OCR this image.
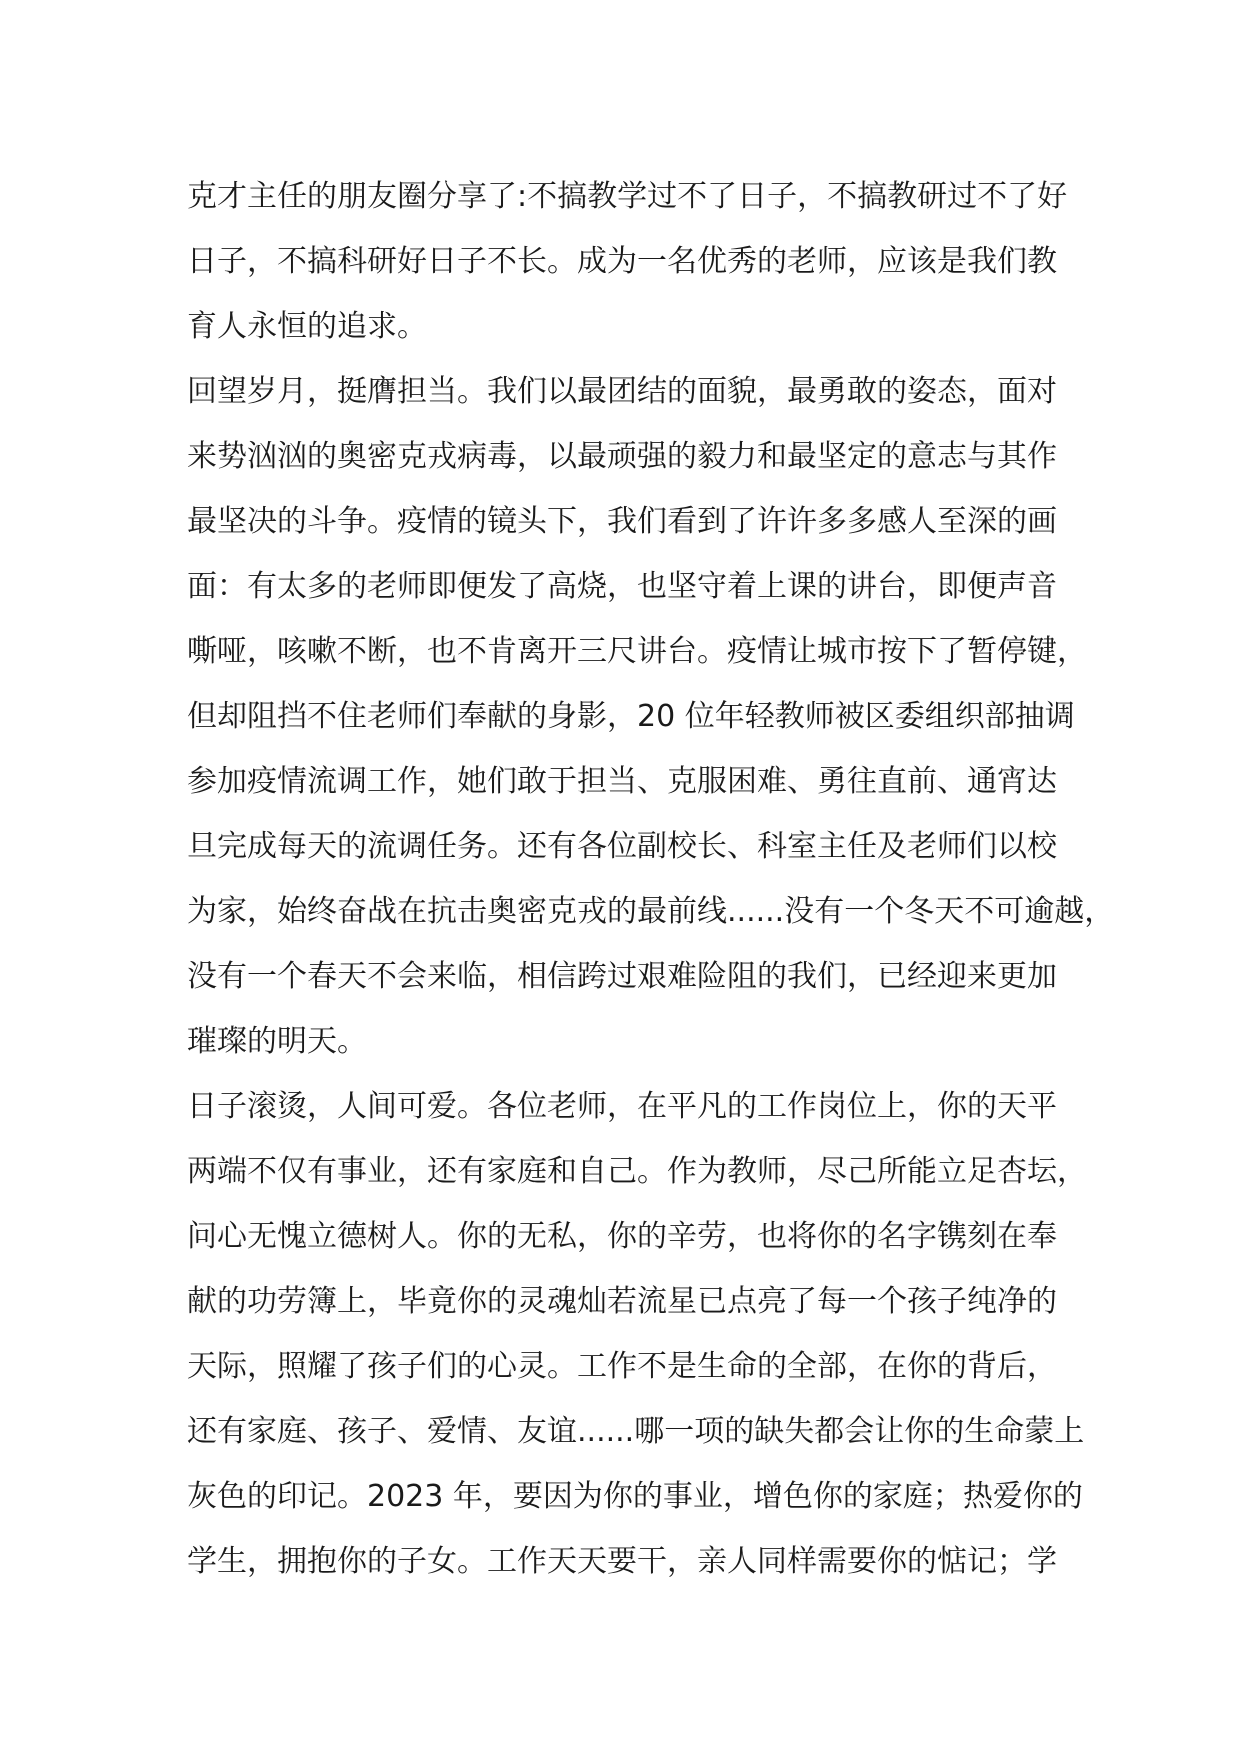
克才主任的朋友圈分享了:不搞教学过不了日子，不搞教研过不了好
日子，不搞科研好日子不长。成为一名优秀的老师，应该是我们教
育人永恒的追求。
回望岁月，挺膺担当。我们以最团结的面貌，最勇敢的姿态，面对
来势汹汹的奥密克戎病毒，以最顽强的毅力和最坚定的意志与其作
最坚决的斗争。疫情的镜头下，我们看到了许许多多感人至深的画
面：有太多的老师即便发了高烧，也坚守着上课的讲台，即便声音
嘶哑，咳嗽不断，也不肯离开三尺讲台。疫情让城市按下了暂停键，
但却阻挡不住老师们奉献的身影，20 位年轻教师被区委组织部抽调
参加疫情流调工作，她们敢于担当、克服困难、勇往直前、通宵达
旦完成每天的流调任务。还有各位副校长、科室主任及老师们以校
为家，始终奋战在抗击奥密克戎的最前线......没有一个冬天不可逾越，
没有一个春天不会来临，相信跨过艰难险阻的我们，已经迎来更加
璀璨的明天。
日子滚烫，人间可爱。各位老师，在平凡的工作岗位上，你的天平
两端不仅有事业，还有家庭和自己。作为教师，尽己所能立足杏坛，
问心无愧立德树人。你的无私，你的辛劳，也将你的名字镌刻在奉
献的功劳簿上，毕竟你的灵魂灿若流星已点亮了每一个孩子纯净的
天际，照耀了孩子们的心灵。工作不是生命的全部，在你的背后，
还有家庭、孩子、爱情、友谊......哪一项的缺失都会让你的生命蒙上
灰色的印记。2023 年，要因为你的事业，增色你的家庭；热爱你的
学生，拥抱你的子女。工作天天要干，亲人同样需要你的惦记；学
